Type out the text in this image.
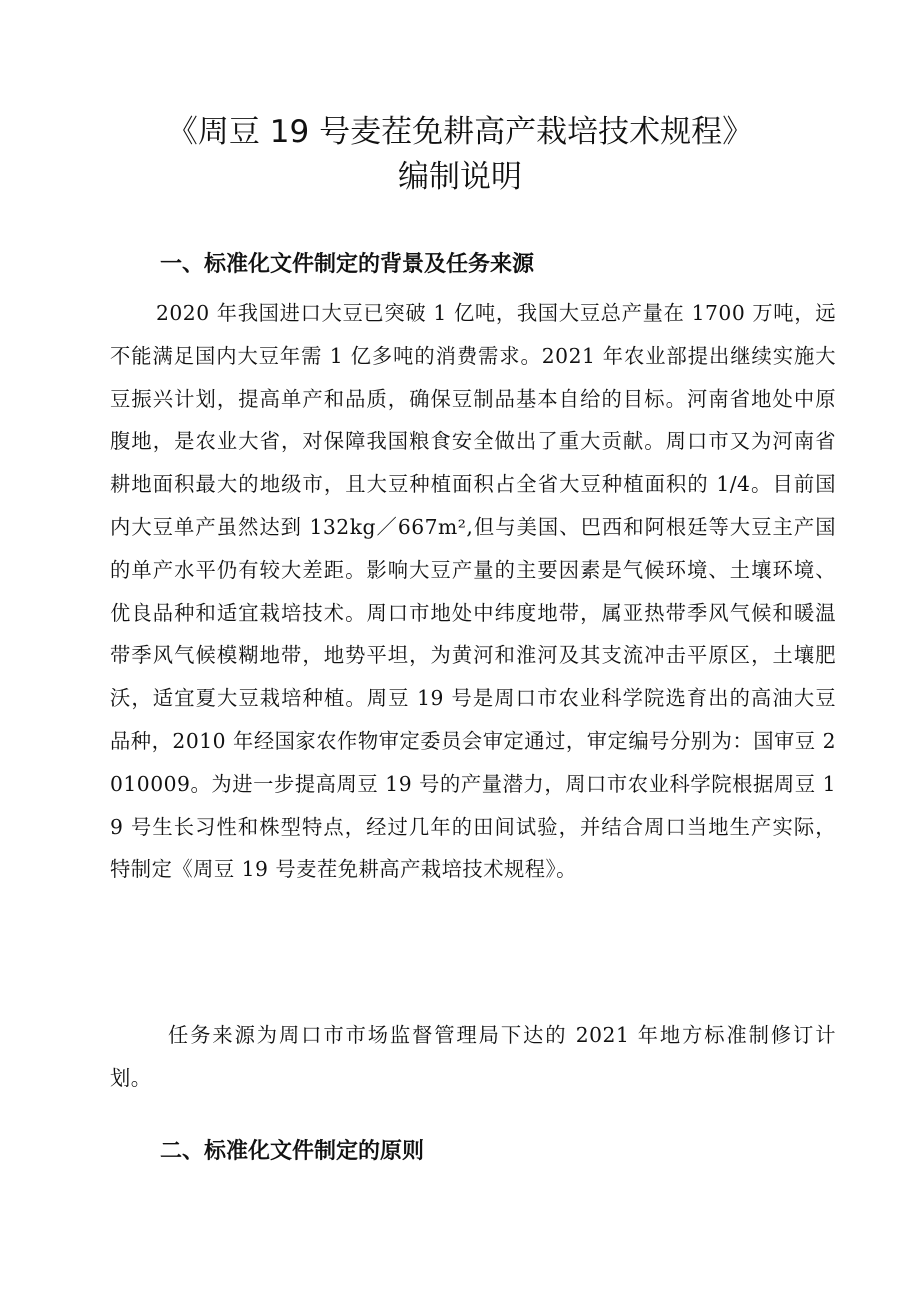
《周豆 19 号麦茬免耕高产栽培技术规程》
编制说明
一、标准化文件制定的背景及任务来源
2020 年我国进口大豆已突破 1 亿吨，我国大豆总产量在 1700 万吨，远不能满足国内大豆年需 1 亿多吨的消费需求。2021 年农业部提出继续实施大豆振兴计划，提高单产和品质，确保豆制品基本自给的目标。河南省地处中原腹地，是农业大省，对保障我国粮食安全做出了重大贡献。周口市又为河南省耕地面积最大的地级市，且大豆种植面积占全省大豆种植面积的 1/4。目前国内大豆单产虽然达到 132kg／667m²,但与美国、巴西和阿根廷等大豆主产国的单产水平仍有较大差距。影响大豆产量的主要因素是气候环境、土壤环境、优良品种和适宜栽培技术。周口市地处中纬度地带，属亚热带季风气候和暖温带季风气候模糊地带，地势平坦，为黄河和淮河及其支流冲击平原区，土壤肥沃，适宜夏大豆栽培种植。周豆 19 号是周口市农业科学院选育出的高油大豆品种，2010 年经国家农作物审定委员会审定通过，审定编号分别为：国审豆 2010009。为进一步提高周豆 19 号的产量潜力，周口市农业科学院根据周豆 19 号生长习性和株型特点，经过几年的田间试验，并结合周口当地生产实际，特制定《周豆 19 号麦茬免耕高产栽培技术规程》。
任务来源为周口市市场监督管理局下达的 2021 年地方标准制修订计划。
二、标准化文件制定的原则
